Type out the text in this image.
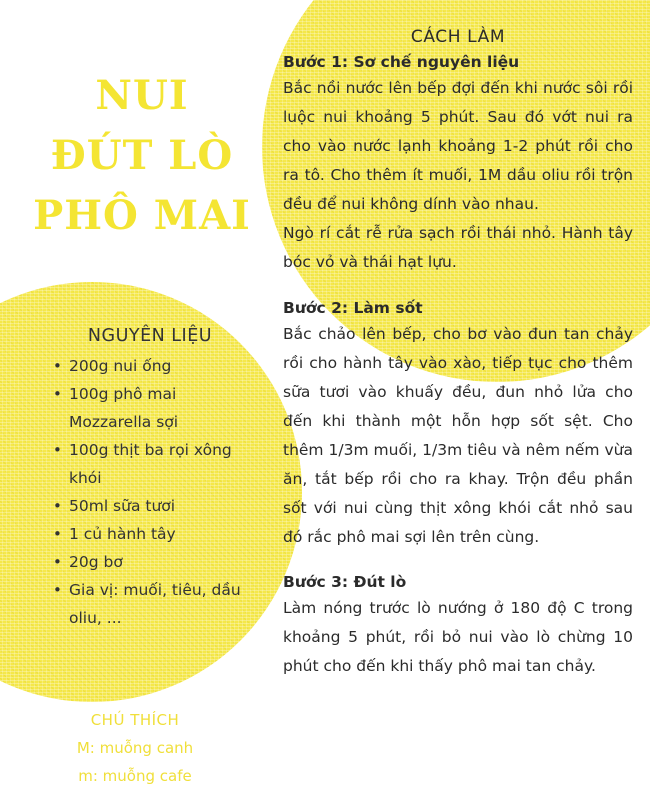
NUI
ĐÚT LÒ
PHÔ MAI
NGUYÊN LIỆU
• 200g nui ống
• 100g phô mai Mozzarella sợi
• 100g thịt ba rọi xông khói
• 50ml sữa tươi
• 1 củ hành tây
• 20g bơ
• Gia vị: muối, tiêu, dầu oliu, ...
CHÚ THÍCH
M: muỗng canh
m: muỗng cafe
CÁCH LÀM
Bước 1: Sơ chế nguyên liệu
Bắc nồi nước lên bếp đợi đến khi nước sôi rồi luộc nui khoảng 5 phút. Sau đó vớt nui ra cho vào nước lạnh khoảng 1-2 phút rồi cho ra tô. Cho thêm ít muối, 1M dầu oliu rồi trộn đều để nui không dính vào nhau.
Ngò rí cắt rễ rửa sạch rồi thái nhỏ. Hành tây bóc vỏ và thái hạt lựu.
Bước 2: Làm sốt
Bắc chảo lên bếp, cho bơ vào đun tan chảy rồi cho hành tây vào xào, tiếp tục cho thêm sữa tươi vào khuấy đều, đun nhỏ lửa cho đến khi thành một hỗn hợp sốt sệt. Cho thêm 1/3m muối, 1/3m tiêu và nêm nếm vừa ăn, tắt bếp rồi cho ra khay. Trộn đều phần sốt với nui cùng thịt xông khói cắt nhỏ sau đó rắc phô mai sợi lên trên cùng.
Bước 3: Đút lò
Làm nóng trước lò nướng ở 180 độ C trong khoảng 5 phút, rồi bỏ nui vào lò chừng 10 phút cho đến khi thấy phô mai tan chảy.
